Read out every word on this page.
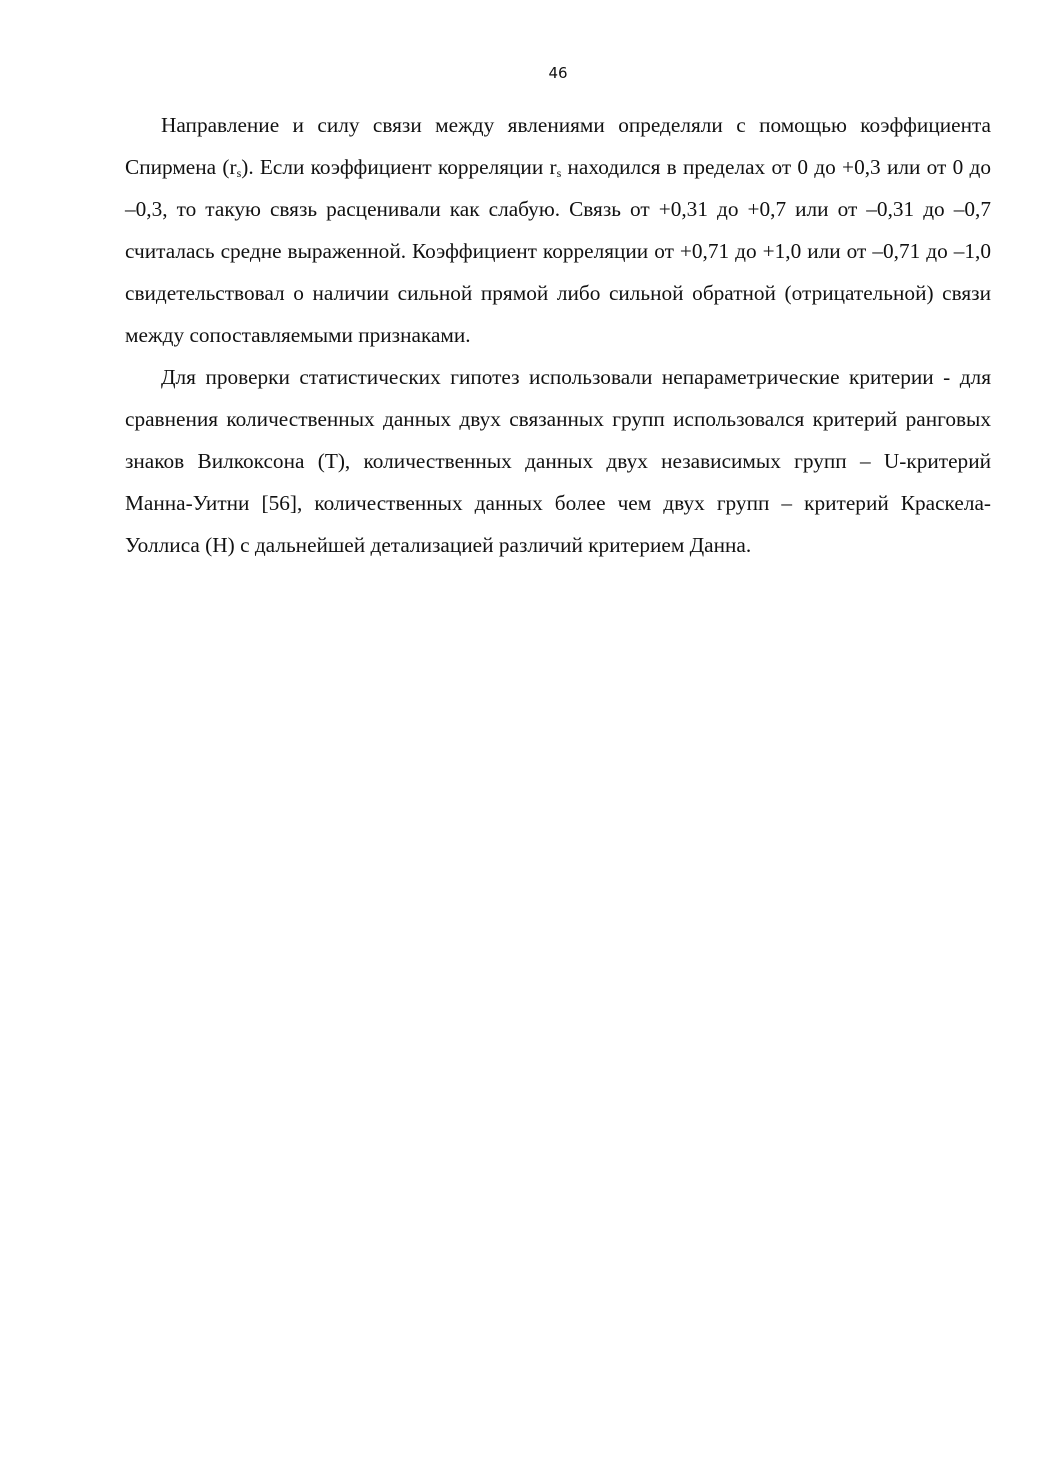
46

Направление и силу связи между явлениями определяли с помощью коэффициента Спирмена $(r_s)$. Если коэффициент корреляции $r_s$ находился в пределах от 0 до +0,3 или от 0 до –0,3, то такую связь расценивали как слабую. Связь от +0,31 до +0,7 или от –0,31 до –0,7 считалась средне выраженной. Коэффициент корреляции от +0,71 до +1,0 или от –0,71 до –1,0 свидетельствовал о наличии сильной прямой либо сильной обратной (отрицательной) связи между сопоставляемыми признаками.

Для проверки статистических гипотез использовали непараметрические критерии - для сравнения количественных данных двух связанных групп использовался критерий ранговых знаков Вилкоксона (Т), количественных данных двух независимых групп – U-критерий Манна-Уитни [56], количественных данных более чем двух групп – критерий Краскела-Уоллиса (H) с дальнейшей детализацией различий критерием Данна.
